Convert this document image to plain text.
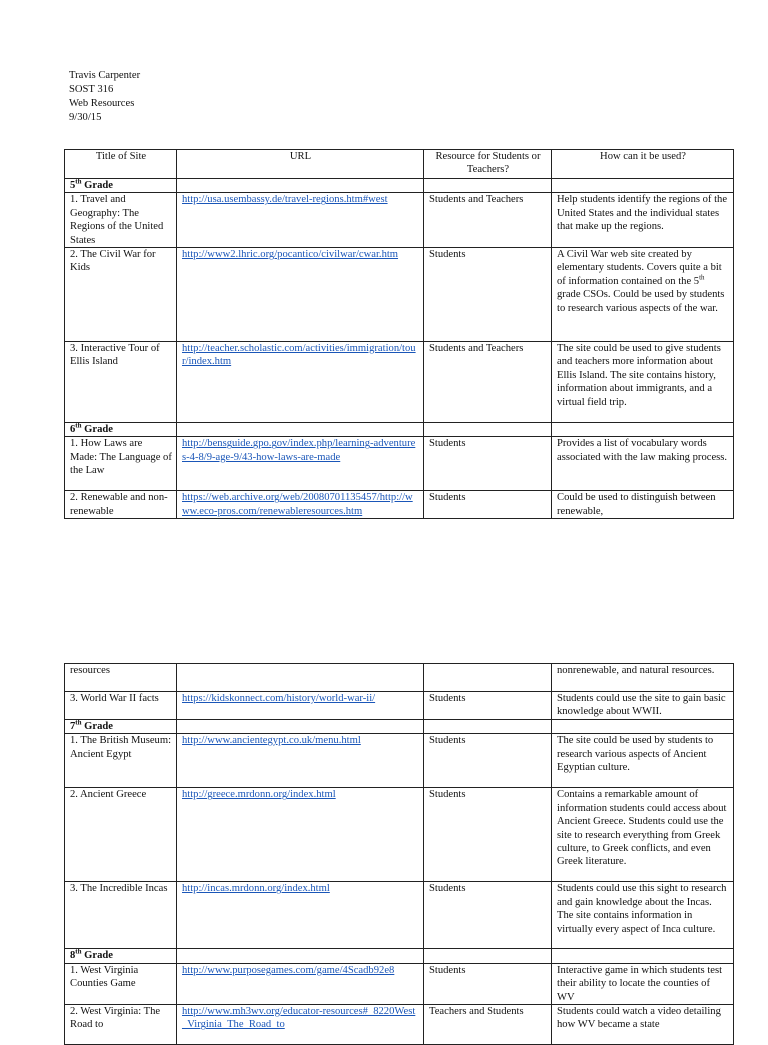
Travis Carpenter
SOST 316
Web Resources
9/30/15
Title of Site	URL	Resource for Students or Teachers?	How can it be used?
5th Grade			
1. Travel and Geography: The Regions of the United States	http://usa.usembassy.de/travel-regions.htm#west	Students and Teachers	Help students identify the regions of the United States and the individual states that make up the regions.
2. The Civil War for Kids	http://www2.lhric.org/pocantico/civilwar/cwar.htm	Students	A Civil War web site created by elementary students. Covers quite a bit of information contained on the 5th grade CSOs. Could be used by students to research various aspects of the war.
3. Interactive Tour of Ellis Island	http://teacher.scholastic.com/activities/immigration/tour/index.htm	Students and Teachers	The site could be used to give students and teachers more information about Ellis Island. The site contains history, information about immigrants, and a virtual field trip.
6th Grade			
1. How Laws are Made: The Language of the Law	http://bensguide.gpo.gov/index.php/learning-adventures-4-8/9-age-9/43-how-laws-are-made	Students	Provides a list of vocabulary words associated with the law making process.
2. Renewable and non-renewable	https://web.archive.org/web/20080701135457/http://www.eco-pros.com/renewableresources.htm	Students	Could be used to distinguish between renewable,
resources			nonrenewable, and natural resources.
3. World War II facts	https://kidskonnect.com/history/world-war-ii/	Students	Students could use the site to gain basic knowledge about WWII.
7th Grade			
1. The British Museum: Ancient Egypt	http://www.ancientegypt.co.uk/menu.html	Students	The site could be used by students to research various aspects of Ancient Egyptian culture.
2. Ancient Greece	http://greece.mrdonn.org/index.html	Students	Contains a remarkable amount of information students could access about Ancient Greece. Students could use the site to research everything from Greek culture, to Greek conflicts, and even Greek literature.
3. The Incredible Incas	http://incas.mrdonn.org/index.html	Students	Students could use this sight to research and gain knowledge about the Incas. The site contains information in virtually every aspect of Inca culture.
8th Grade			
1. West Virginia Counties Game	http://www.purposegames.com/game/4Scadb92e8	Students	Interactive game in which students test their ability to locate the counties of WV
2. West Virginia: The Road to	http://www.mh3wv.org/educator-resources#_8220West_Virginia_The_Road_to	Teachers and Students	Students could watch a video detailing how WV became a state
